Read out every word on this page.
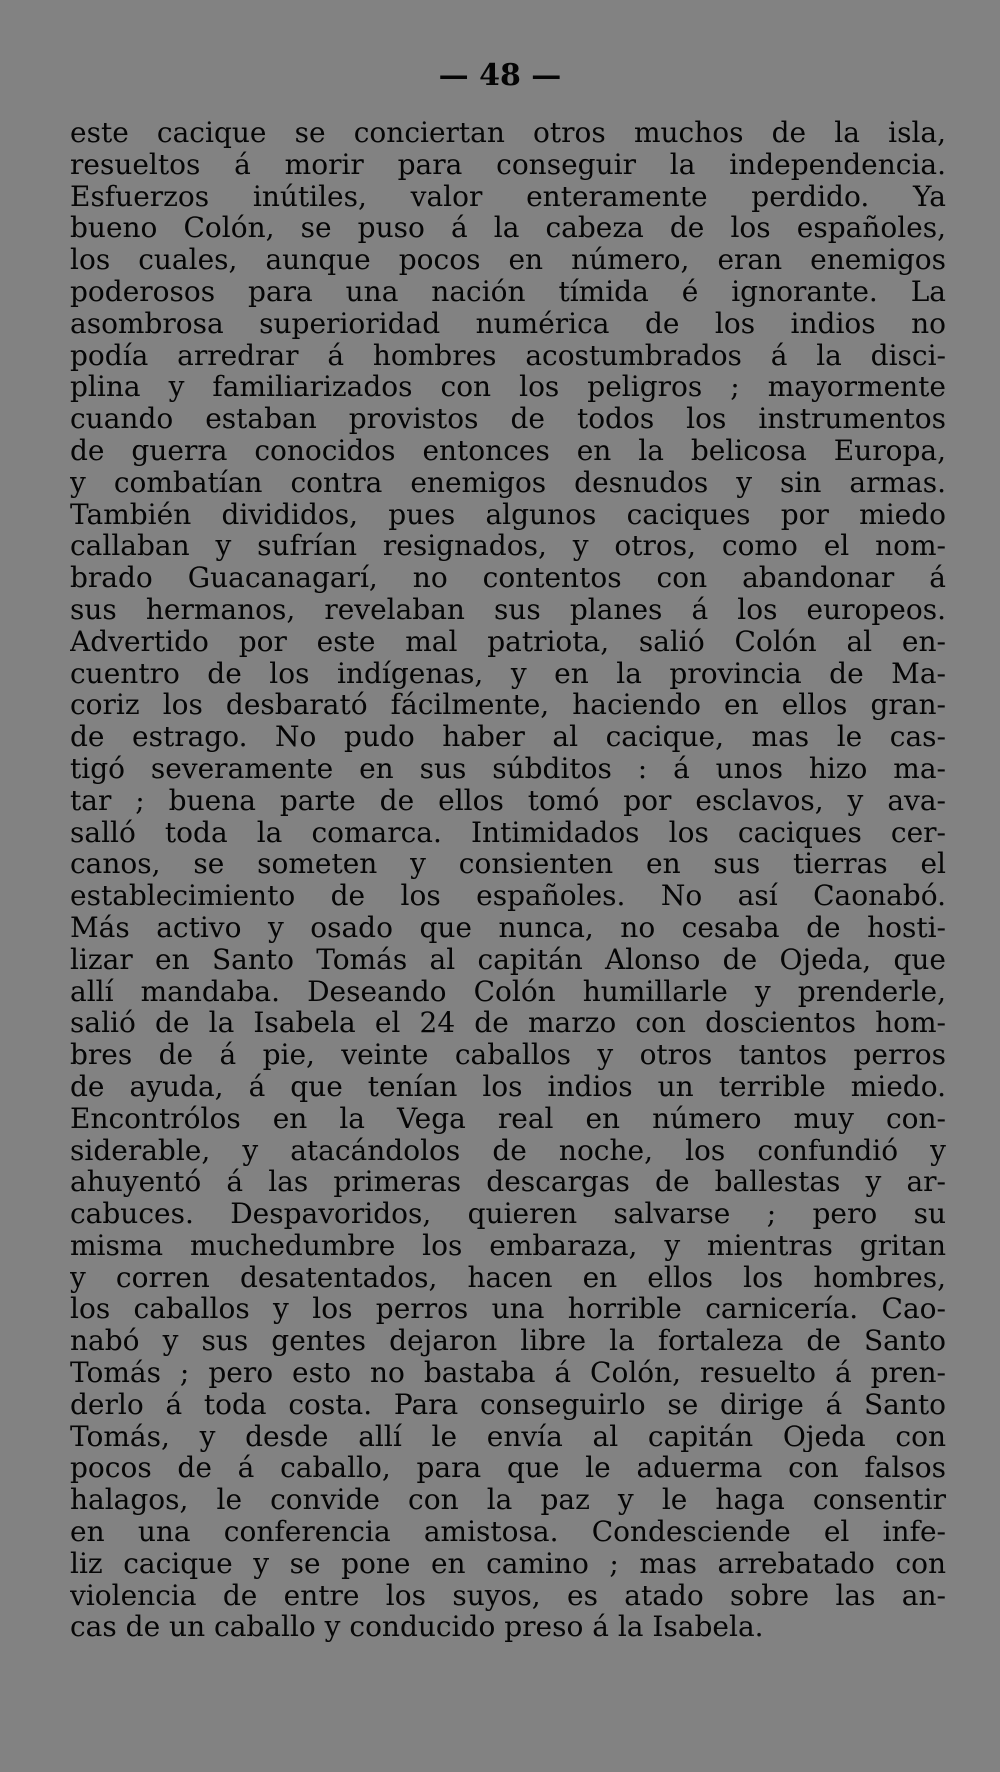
— 48 —
este cacique se conciertan otros muchos de la isla,
resueltos á morir para conseguir la independencia.
Esfuerzos inútiles, valor enteramente perdido. Ya
bueno Colón, se puso á la cabeza de los españoles,
los cuales, aunque pocos en número, eran enemigos
poderosos para una nación tímida é ignorante. La
asombrosa superioridad numérica de los indios no
podía arredrar á hombres acostumbrados á la disci-
plina y familiarizados con los peligros ; mayormente
cuando estaban provistos de todos los instrumentos
de guerra conocidos entonces en la belicosa Europa,
y combatían contra enemigos desnudos y sin armas.
También divididos, pues algunos caciques por miedo
callaban y sufrían resignados, y otros, como el nom-
brado Guacanagarí, no contentos con abandonar á
sus hermanos, revelaban sus planes á los europeos.
Advertido por este mal patriota, salió Colón al en-
cuentro de los indígenas, y en la provincia de Ma-
coriz los desbarató fácilmente, haciendo en ellos gran-
de estrago. No pudo haber al cacique, mas le cas-
tigó severamente en sus súbditos : á unos hizo ma-
tar ; buena parte de ellos tomó por esclavos, y ava-
salló toda la comarca. Intimidados los caciques cer-
canos, se someten y consienten en sus tierras el
establecimiento de los españoles. No así Caonabó.
Más activo y osado que nunca, no cesaba de hosti-
lizar en Santo Tomás al capitán Alonso de Ojeda, que
allí mandaba. Deseando Colón humillarle y prenderle,
salió de la Isabela el 24 de marzo con doscientos hom-
bres de á pie, veinte caballos y otros tantos perros
de ayuda, á que tenían los indios un terrible miedo.
Encontrólos en la Vega real en número muy con-
siderable, y atacándolos de noche, los confundió y
ahuyentó á las primeras descargas de ballestas y ar-
cabuces. Despavoridos, quieren salvarse ; pero su
misma muchedumbre los embaraza, y mientras gritan
y corren desatentados, hacen en ellos los hombres,
los caballos y los perros una horrible carnicería. Cao-
nabó y sus gentes dejaron libre la fortaleza de Santo
Tomás ; pero esto no bastaba á Colón, resuelto á pren-
derlo á toda costa. Para conseguirlo se dirige á Santo
Tomás, y desde allí le envía al capitán Ojeda con
pocos de á caballo, para que le aduerma con falsos
halagos, le convide con la paz y le haga consentir
en una conferencia amistosa. Condesciende el infe-
liz cacique y se pone en camino ; mas arrebatado con
violencia de entre los suyos, es atado sobre las an-
cas de un caballo y conducido preso á la Isabela.
